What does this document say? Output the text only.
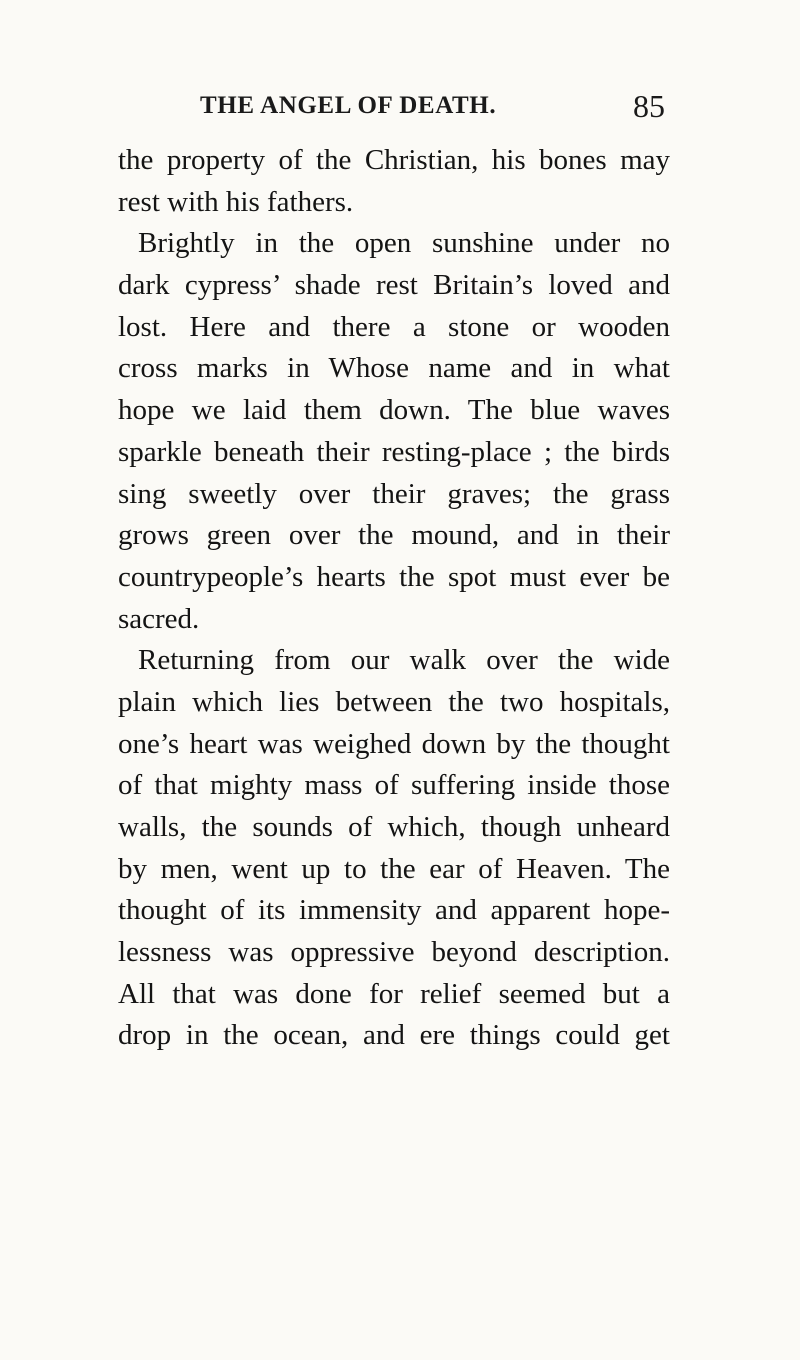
THE ANGEL OF DEATH.	85
the property of the Christian, his bones may
rest with his fathers.
Brightly in the open sunshine under no
dark cypress’ shade rest Britain’s loved and
lost. Here and there a stone or wooden
cross marks in Whose name and in what
hope we laid them down. The blue waves
sparkle beneath their resting-place ; the birds
sing sweetly over their graves; the grass
grows green over the mound, and in their
countrypeople’s hearts the spot must ever be
sacred.
Returning from our walk over the wide
plain which lies between the two hospitals,
one’s heart was weighed down by the thought
of that mighty mass of suffering inside those
walls, the sounds of which, though unheard
by men, went up to the ear of Heaven. The
thought of its immensity and apparent hope-
lessness was oppressive beyond description.
All that was done for relief seemed but a
drop in the ocean, and ere things could get
